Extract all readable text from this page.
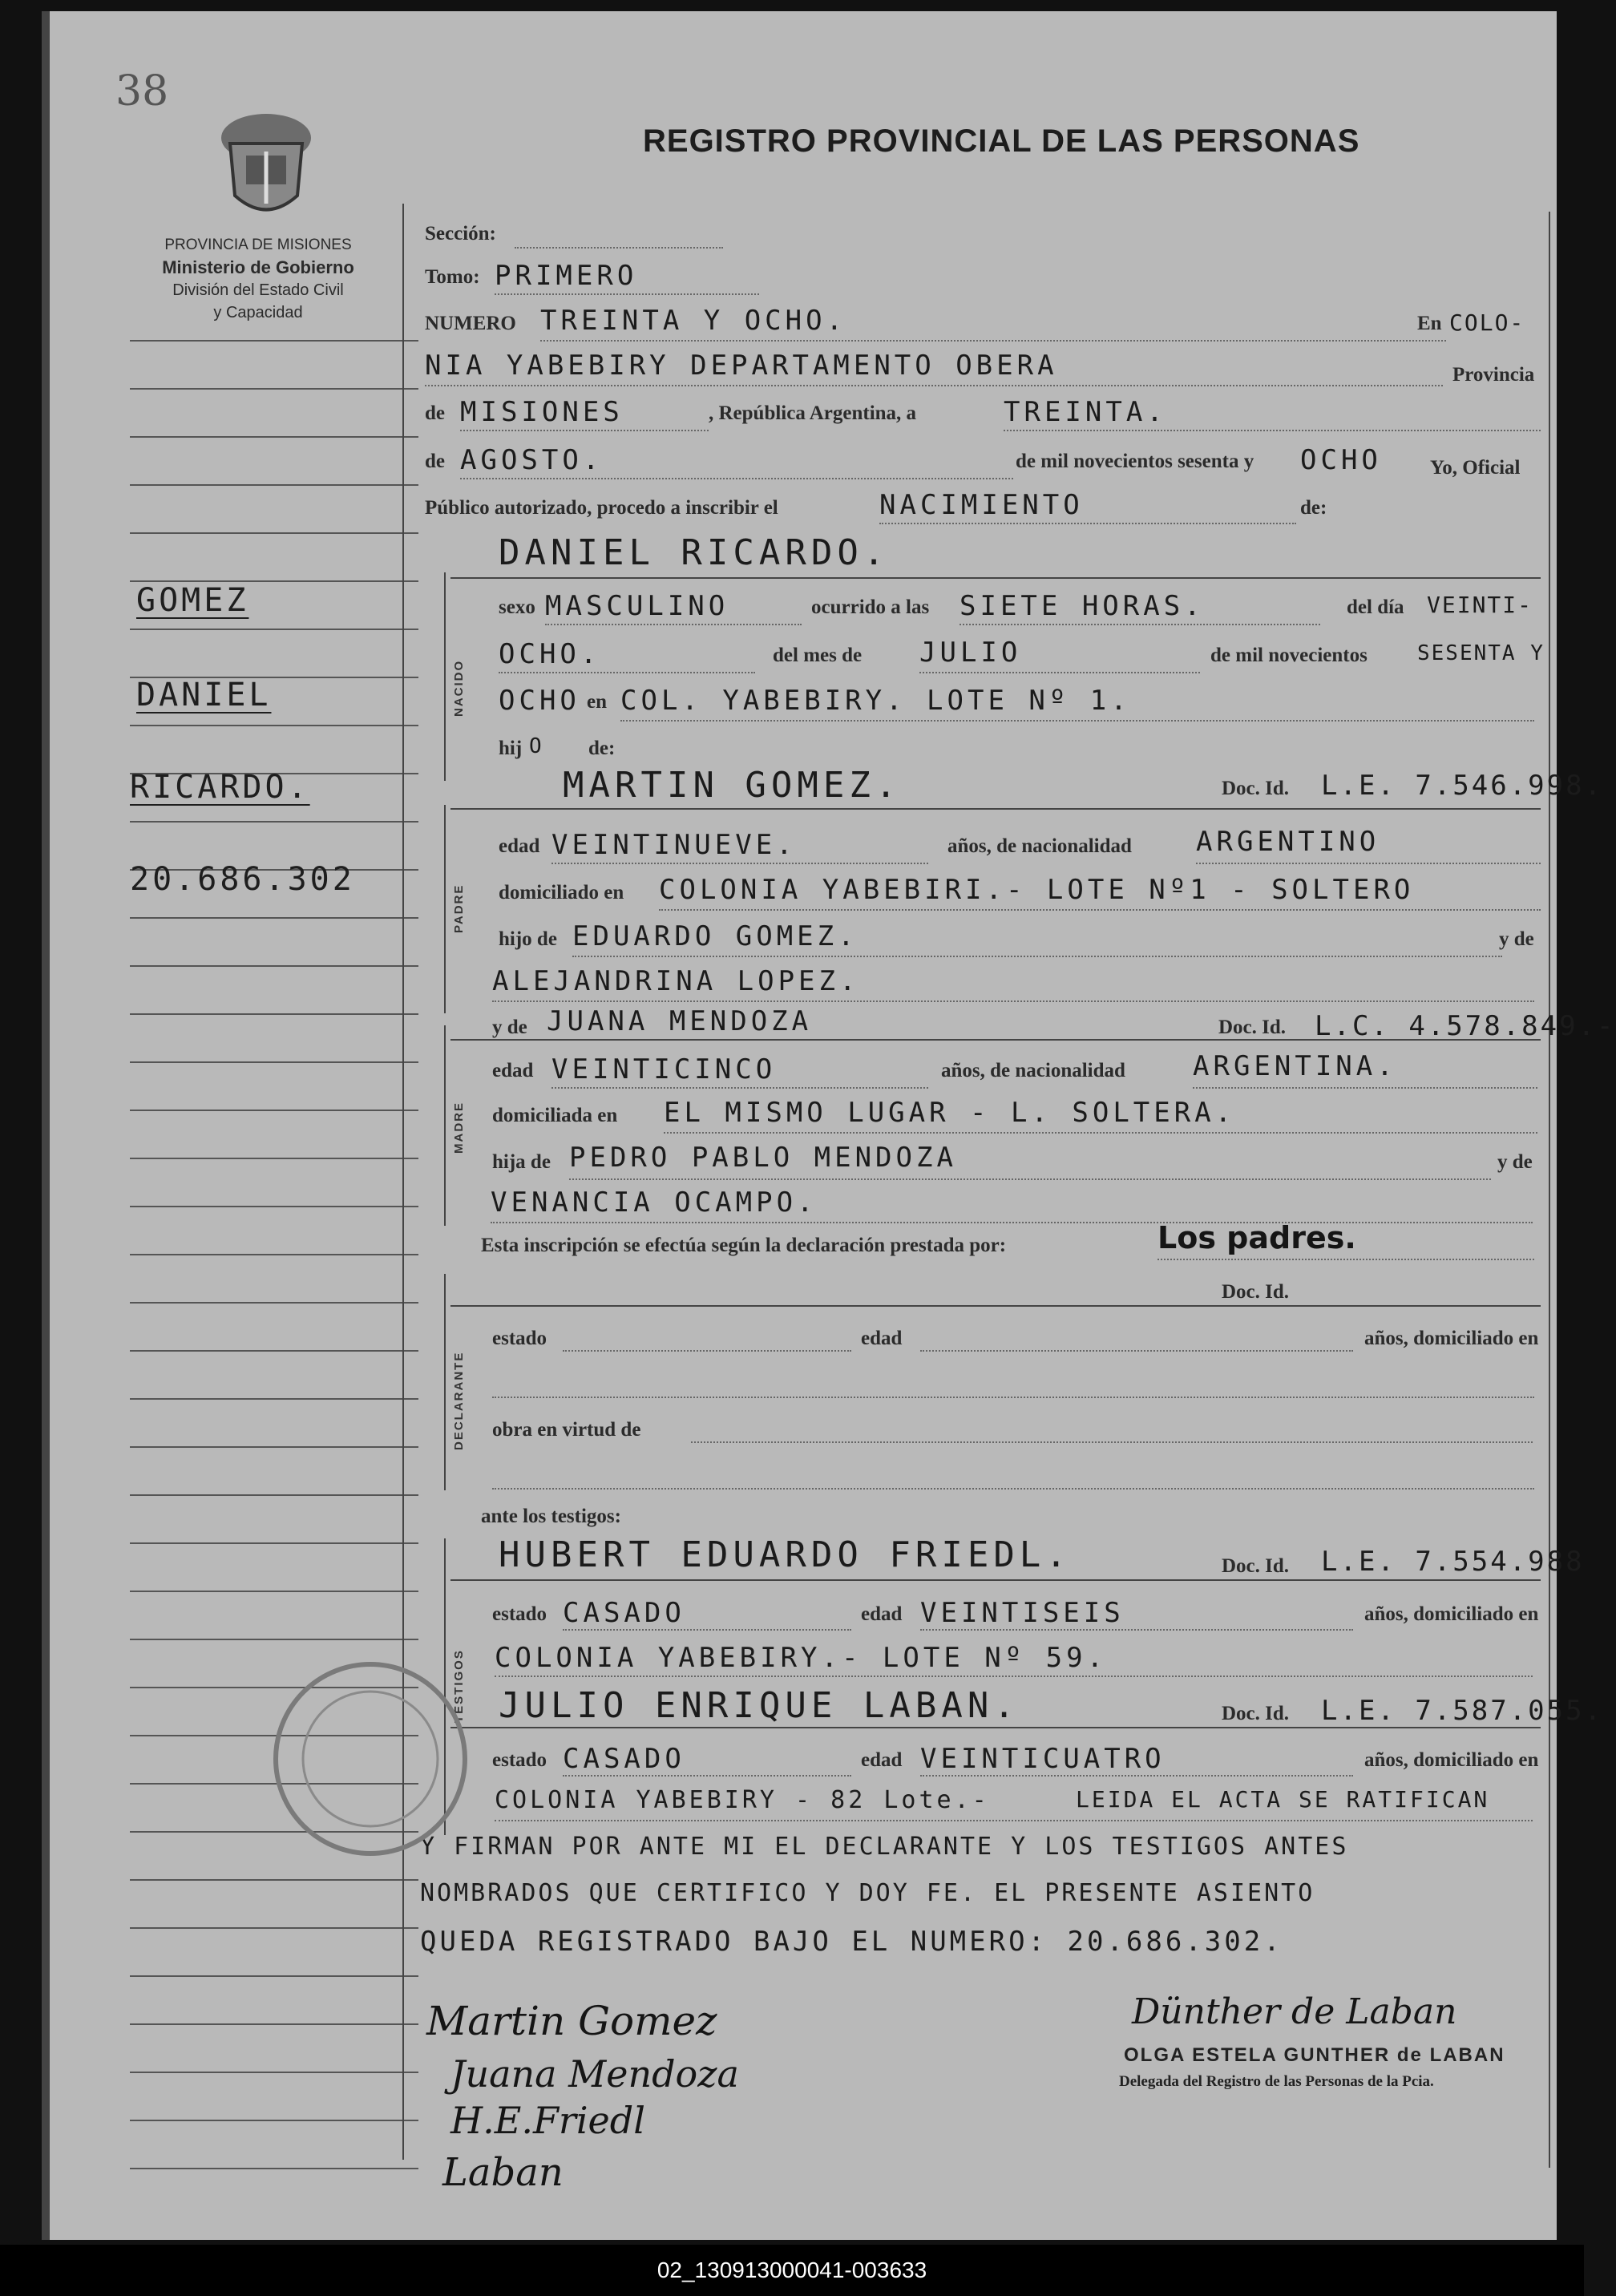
38
PROVINCIA DE MISIONES
Ministerio de Gobierno
División del Estado Civil
y Capacidad
REGISTRO PROVINCIAL DE LAS PERSONAS
GOMEZ
DANIEL
RICARDO.
20.686.302
NACIDO
PADRE
MADRE
DECLARANTE
TESTIGOS
Sección:
Tomo: PRIMERO
NUMERO TREINTA Y OCHO.	En COLO-
NIA YABEBIRY DEPARTAMENTO OBERA	Provincia
de MISIONES	, República Argentina, a	TREINTA.
de AGOSTO.	de mil novecientos sesenta y OCHO Yo, Oficial
Público autorizado, procedo a inscribir el	NACIMIENTO	de:
DANIEL RICARDO.
sexo MASCULINO	ocurrido a las SIETE HORAS.	del día VEINTI-
OCHO.	del mes de JULIO	de mil novecientos SESENTA Y
OCHO en COL. YABEBIRY. LOTE Nº 1.
hij O de:
MARTIN GOMEZ.	Doc. Id. L.E. 7.546.998.
edad VEINTINUEVE.	años, de nacionalidad ARGENTINO
domiciliado en COLONIA YABEBIRI.- LOTE Nº1 - SOLTERO
hijo de EDUARDO GOMEZ.	y de
ALEJANDRINA LOPEZ.
y de JUANA MENDOZA	Doc. Id. L.C. 4.578.849.-
edad VEINTICINCO	años, de nacionalidad ARGENTINA.
domiciliada en EL MISMO LUGAR - L. SOLTERA.
hija de PEDRO PABLO MENDOZA	y de
VENANCIA OCAMPO.
Esta inscripción se efectúa según la declaración prestada por:	Los padres.
Doc. Id.
estado	edad	años, domiciliado en
obra en virtud de
ante los testigos:
HUBERT EDUARDO FRIEDL.	Doc. Id. L.E. 7.554.988
estado CASADO	edad VEINTISEIS	años, domiciliado en
COLONIA YABEBIRY.- LOTE Nº 59.
JULIO ENRIQUE LABAN.	Doc. Id. L.E. 7.587.055.
estado CASADO	edad VEINTICUATRO	años, domiciliado en
COLONIA YABEBIRY - 82 Lote.-	LEIDA EL ACTA SE RATIFICAN
Y FIRMAN POR ANTE MI EL DECLARANTE Y LOS TESTIGOS ANTES
NOMBRADOS QUE CERTIFICO Y DOY FE. EL PRESENTE ASIENTO
QUEDA REGISTRADO BAJO EL NUMERO: 20.686.302.
Martin Gomez
Juana Mendoza
H.E.Friedl
Laban
Dünther de Laban
OLGA ESTELA GUNTHER de LABAN
Delegada del Registro de las Personas de la Pcia.
02_130913000041-003633
